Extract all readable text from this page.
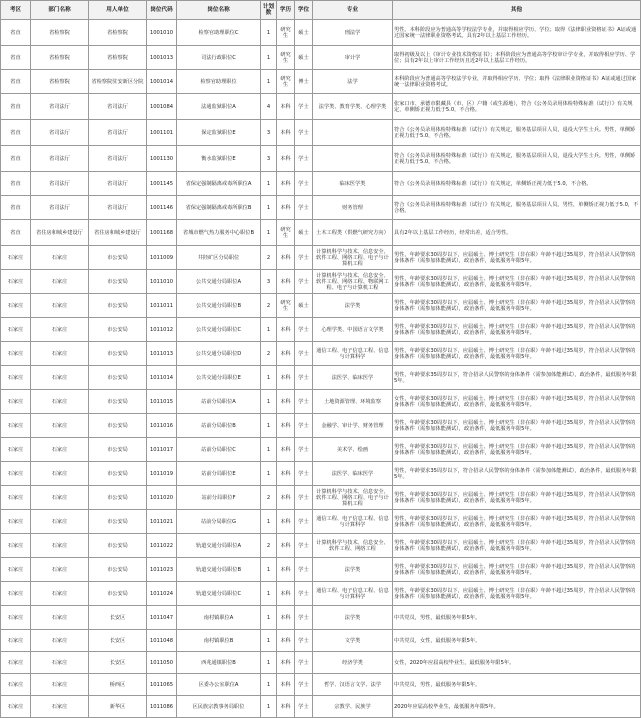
考区	部门名称	用人单位	岗位代码	岗位名称	计划数	学历	学位	专业	其他
省直	省检察院	省检察院	1001010	检察官助理职位C	1	研究生	硕士	刑法学	男性。本科阶段应为普通高等学校法学专业，并取得相应学历、学位；取得《法律职业资格证书》A证或通过国家统一法律职业资格考试。具有2年以上基层工作经历。
省直	省检察院	省检察院	1001013	司法行政职位C	1	研究生	硕士	审计学	取得初级及以上《审计专业技术资格证书》；本科阶段应为普通高等学校审计学专业，并取得相应学历、学位；具有2年以上审计工作经历且近2年以上基层工作经历。
省直	省检察院	省检察院驻安新区分院	1001014	检察官助理职位	1	研究生	博士	法学	本科阶段应为普通高等学校法学专业，并取得相应学历、学位；取得《法律职业资格证书》A证或通过国家统一法律职业资格考试。
省直	省司法厅	省司法厅	1001084	法通监狱职位A	4	本科	学士	法学类、教育学类、心理学类	张家口市、承德市限藏县（市、区）户籍（或生源地），符合《公务员录用体检特殊标准（试行）》有关规定，单侧矫正视力低于5.0，不合格。
省直	省司法厅	省司法厅	1001101	保定监狱职位E	3	本科	学士		符合《公务员录用体检特殊标准（试行）》有关规定，服务基层项目人员，退役大学生士兵。男性，单侧矫正视力低于5.0，不合格。
省直	省司法厅	省司法厅	1001130	衡水监狱职位E	3	本科	学士		符合《公务员录用体检特殊标准（试行）》有关规定，服务基层项目人员，退役大学生士兵。男性，单侧矫正视力低于5.0，不合格。
省直	省司法厅	省司法厅	1001145	省保定强制隔离戒毒所职位A	1	本科	学士	临床医学类	符合《公务员录用体检特殊标准（试行）》有关规定，单侧矫正视力低于5.0，不合格。
省直	省司法厅	省司法厅	1001146	省保定强制隔离戒毒所职位B	1	本科	学士	财务管理	符合《公务员录用体检特殊标准（试行）》有关规定，服务基层项目人员。男性，单侧矫正视力低于5.0，不合格。
省直	省住房和城乡建设厅	省住房和城乡建设厅	1001168	省城市燃气热力服务中心职位B	1	研究生	硕士	土木工程类（供燃气研究方向）	具有2年以上基层工作经历，经常出差，适合男性。
石家庄	石家庄	市公安局	1011009	井陉矿区分局职位	2	本科	学士	计算机科学与技术、信息安全、软件工程、网络工程、电子与计算机工程	男性，年龄要求30周岁以下，应届硕士、博士研究生（非在职）年龄不超过35周岁，符合招录人民警察的身体条件（需参加体能测试），政治条件，最低服务年限5年。
石家庄	石家庄	市公安局	1011010	公共交通分局职位A	3	本科	学士	计算机科学与技术、信息安全、软件工程、网络工程、物联网工程、电子与计算机工程	男性，年龄要求30周岁以下，应届硕士、博士研究生（非在职）年龄不超过35周岁，符合招录人民警察的身体条件（需参加体能测试），政治条件，最低服务年限5年。
石家庄	石家庄	市公安局	1011011	公共交通分局职位B	2	研究生	硕士	法学类	男性，年龄要求30周岁以下，应届硕士、博士研究生（非在职）年龄不超过35周岁，符合招录人民警察的身体条件（需参加体能测试），政治条件，最低服务年限5年。
石家庄	石家庄	市公安局	1011012	公共交通分局职位C	1	本科	学士	心理学类、中国语言文学类	男性，年龄要求30周岁以下，应届硕士、博士研究生（非在职）年龄不超过35周岁，符合招录人民警察的身体条件（需参加体能测试），政治条件，最低服务年限5年。
石家庄	石家庄	市公安局	1011013	公共交通分局职位D	2	本科	学士	通信工程、电子信息工程、信息与计算科学	男性，年龄要求30周岁以下，应届硕士、博士研究生（非在职）年龄不超过35周岁，符合招录人民警察的身体条件（需参加体能测试），政治条件，最低服务年限5年。
石家庄	石家庄	市公安局	1011014	公共交通分局职位E	1	本科	学士	法医学、临床医学	男性，年龄要求35周岁以下，符合招录人民警察的身体条件（需参加体能测试），政治条件，最低服务年限5年。
石家庄	石家庄	市公安局	1011015	站前分局职位A	1	本科	学士	土地资源管理、环境监察	女性，年龄要求30周岁以下，应届硕士、博士研究生（非在职）年龄不超过35周岁，符合招录人民警察的身体条件（需参加体能测试），政治条件，最低服务年限5年。
石家庄	石家庄	市公安局	1011016	站前分局职位B	1	本科	学士	金融学、审计学、财务管理	男性，年龄要求30周岁以下，应届硕士、博士研究生（非在职）年龄不超过35周岁，符合招录人民警察的身体条件（需参加体能测试），政治条件，最低服务年限5年。
石家庄	石家庄	市公安局	1011017	站前分局职位C	1	本科	学士	美术学、绘画	男性，年龄要求30周岁以下，应届硕士、博士研究生（非在职）年龄不超过35周岁，符合招录人民警察的身体条件（需参加体能测试），政治条件，最低服务年限5年。
石家庄	石家庄	市公安局	1011019	站前分局职位E	1	本科	学士	法医学、临床医学	男性，年龄要求35周岁以下，符合招录人民警察的身体条件（需参加体能测试），政治条件，最低服务年限5年。
石家庄	石家庄	市公安局	1011020	站前分局职位F	2	本科	学士	计算机科学与技术、信息安全、软件工程、网络工程、电子与计算机工程	男性，年龄要求30周岁以下，应届硕士、博士研究生（非在职）年龄不超过35周岁，符合招录人民警察的身体条件（需参加体能测试），政治条件，最低服务年限5年。
石家庄	石家庄	市公安局	1011021	站前分局职位G	1	本科	学士	通信工程、电子信息工程、信息与计算科学	男性，年龄要求30周岁以下，应届硕士、博士研究生（非在职）年龄不超过35周岁，符合招录人民警察的身体条件（需参加体能测试），政治条件，最低服务年限5年。
石家庄	石家庄	市公安局	1011022	轨道交通分局职位A	2	本科	学士	计算机科学与技术、信息安全、软件工程、网络工程	男性，年龄要求30周岁以下，应届硕士、博士研究生（非在职）年龄不超过35周岁，符合招录人民警察的身体条件（需参加体能测试），政治条件，最低服务年限5年。
石家庄	石家庄	市公安局	1011023	轨道交通分局职位B	1	本科	学士	法学类	男性，年龄要求30周岁以下，应届硕士、博士研究生（非在职）年龄不超过35周岁，符合招录人民警察的身体条件（需参加体能测试），政治条件，最低服务年限5年。
石家庄	石家庄	市公安局	1011024	轨道交通分局职位C	1	本科	学士	通信工程、电子信息工程、信息与计算科学	男性，年龄要求30周岁以下，应届硕士、博士研究生（非在职）年龄不超过35周岁，符合招录人民警察的身体条件（需参加体能测试），政治条件，最低服务年限5年。
石家庄	石家庄	长安区	1011047	南村镇职位A	1	本科	学士	法学类	中共党员，男性，最低服务年限5年。
石家庄	石家庄	长安区	1011048	南村镇职位B	1	本科	学士	文学类	中共党员，女性，最低服务年限5年。
石家庄	石家庄	长安区	1011050	西兆通镇职位B	1	本科	学士	经济学类	女性，2020年应届高校毕业生，最低服务年限5年。
石家庄	石家庄	桥西区	1011065	区委办公室职位A	1	本科	学士	哲学、汉语言文学、法学	中共党员，男性，最低服务年限5年。
石家庄	石家庄	新华区	1011086	区民族宗教事务局职位	1	本科	学士	宗教学、民族学	2020年应届高校毕业生，最低服务年限5年。
